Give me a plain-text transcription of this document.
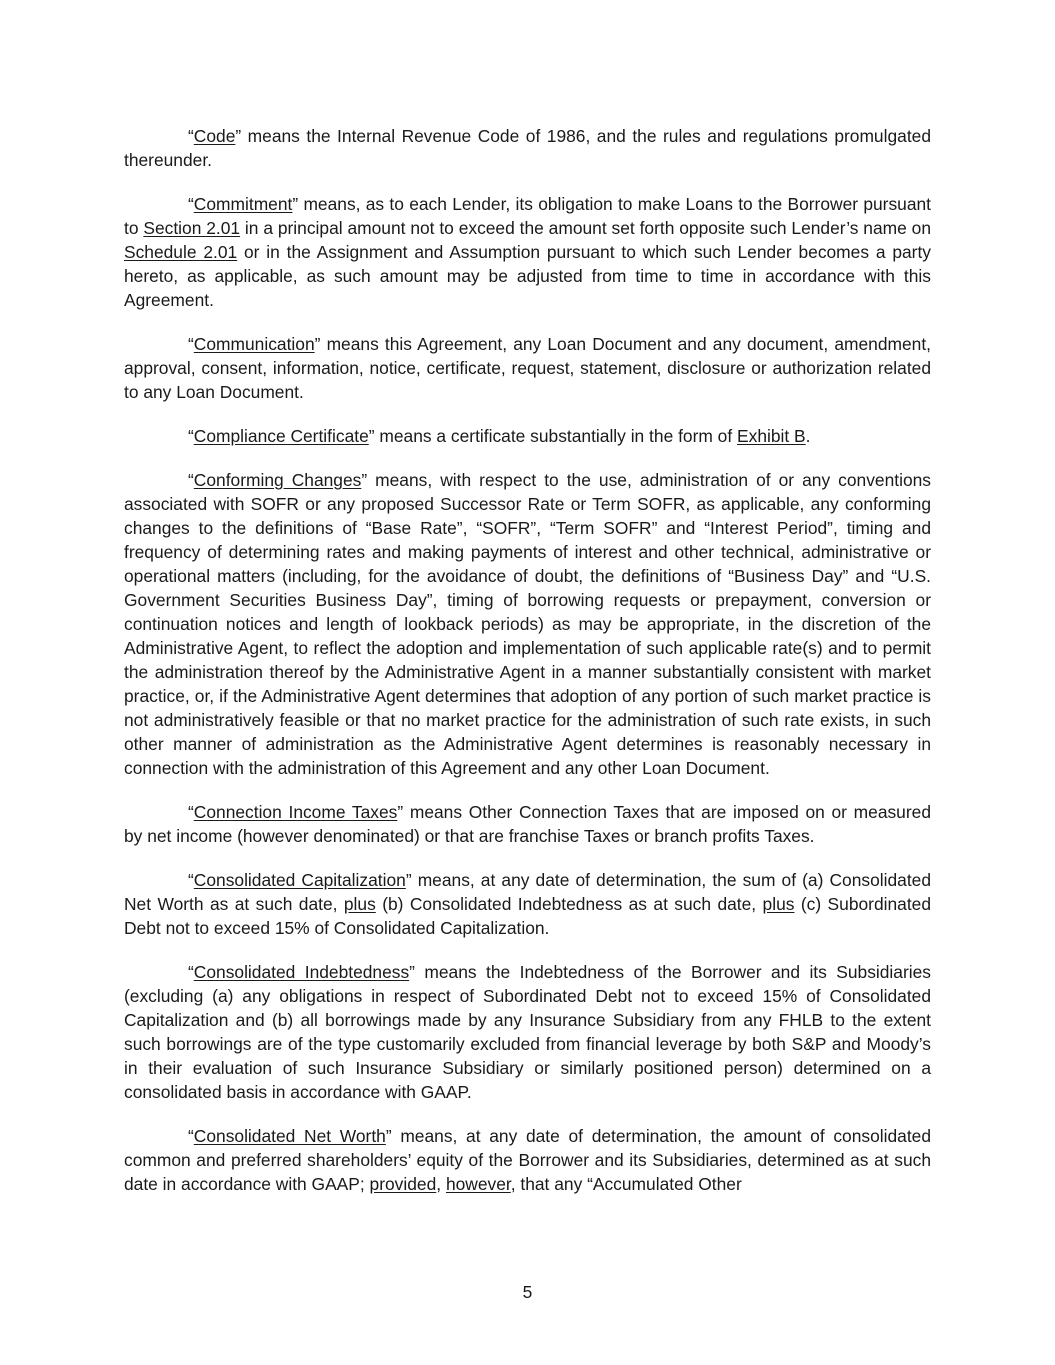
“Code” means the Internal Revenue Code of 1986, and the rules and regulations promulgated thereunder.

“Commitment” means, as to each Lender, its obligation to make Loans to the Borrower pursuant to Section 2.01 in a principal amount not to exceed the amount set forth opposite such Lender’s name on Schedule 2.01 or in the Assignment and Assumption pursuant to which such Lender becomes a party hereto, as applicable, as such amount may be adjusted from time to time in accordance with this Agreement.

“Communication” means this Agreement, any Loan Document and any document, amendment, approval, consent, information, notice, certificate, request, statement, disclosure or authorization related to any Loan Document.

“Compliance Certificate” means a certificate substantially in the form of Exhibit B.

“Conforming Changes” means, with respect to the use, administration of or any conventions associated with SOFR or any proposed Successor Rate or Term SOFR, as applicable, any conforming changes to the definitions of “Base Rate”, “SOFR”, “Term SOFR” and “Interest Period”, timing and frequency of determining rates and making payments of interest and other technical, administrative or operational matters (including, for the avoidance of doubt, the definitions of “Business Day” and “U.S. Government Securities Business Day”, timing of borrowing requests or prepayment, conversion or continuation notices and length of lookback periods) as may be appropriate, in the discretion of the Administrative Agent, to reflect the adoption and implementation of such applicable rate(s) and to permit the administration thereof by the Administrative Agent in a manner substantially consistent with market practice, or, if the Administrative Agent determines that adoption of any portion of such market practice is not administratively feasible or that no market practice for the administration of such rate exists, in such other manner of administration as the Administrative Agent determines is reasonably necessary in connection with the administration of this Agreement and any other Loan Document.

“Connection Income Taxes” means Other Connection Taxes that are imposed on or measured by net income (however denominated) or that are franchise Taxes or branch profits Taxes.

“Consolidated Capitalization” means, at any date of determination, the sum of (a) Consolidated Net Worth as at such date, plus (b) Consolidated Indebtedness as at such date, plus (c) Subordinated Debt not to exceed 15% of Consolidated Capitalization.

“Consolidated Indebtedness” means the Indebtedness of the Borrower and its Subsidiaries (excluding (a) any obligations in respect of Subordinated Debt not to exceed 15% of Consolidated Capitalization and (b) all borrowings made by any Insurance Subsidiary from any FHLB to the extent such borrowings are of the type customarily excluded from financial leverage by both S&P and Moody’s in their evaluation of such Insurance Subsidiary or similarly positioned person) determined on a consolidated basis in accordance with GAAP.

“Consolidated Net Worth” means, at any date of determination, the amount of consolidated common and preferred shareholders’ equity of the Borrower and its Subsidiaries, determined as at such date in accordance with GAAP; provided, however, that any “Accumulated Other

5
